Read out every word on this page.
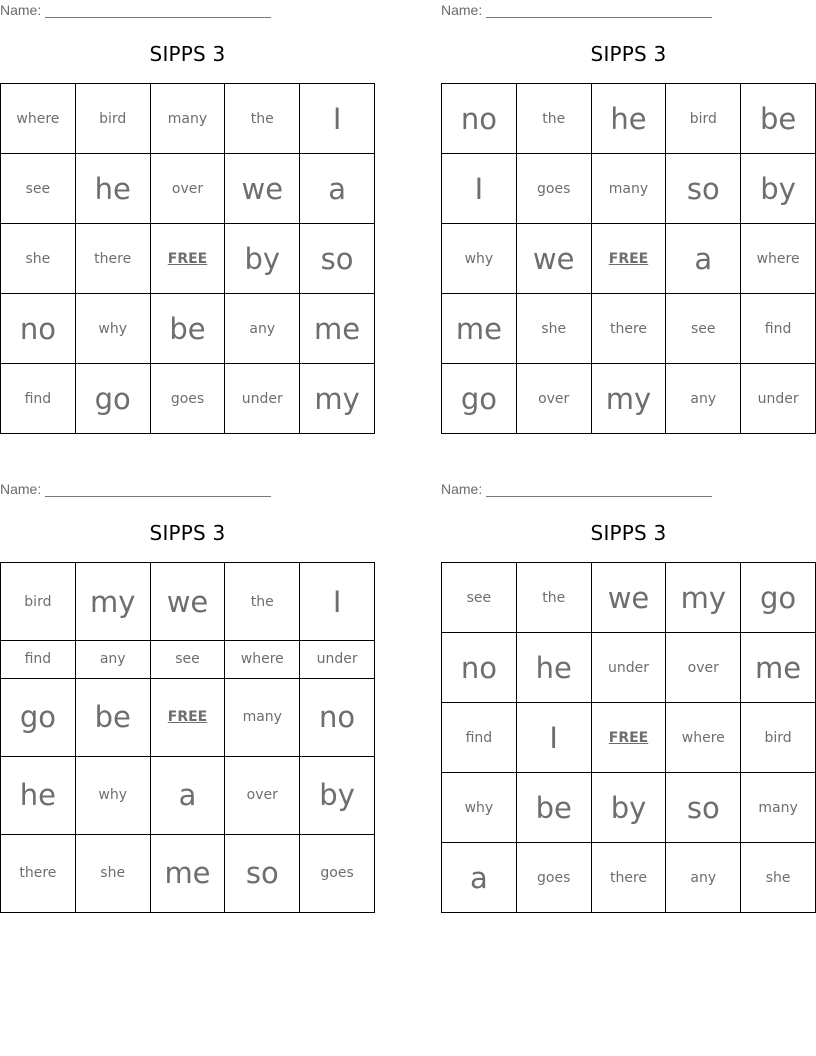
Name: _____________________________
SIPPS 3
where	bird	many	the	I
see	he	over	we	a
she	there	FREE	by	so
no	why	be	any	me
find	go	goes	under	my
Name: _____________________________
SIPPS 3
no	the	he	bird	be
I	goes	many	so	by
why	we	FREE	a	where
me	she	there	see	find
go	over	my	any	under
Name: _____________________________
SIPPS 3
bird	my	we	the	I
find	any	see	where	under
go	be	FREE	many	no
he	why	a	over	by
there	she	me	so	goes
Name: _____________________________
SIPPS 3
see	the	we	my	go
no	he	under	over	me
find	I	FREE	where	bird
why	be	by	so	many
a	goes	there	any	she
